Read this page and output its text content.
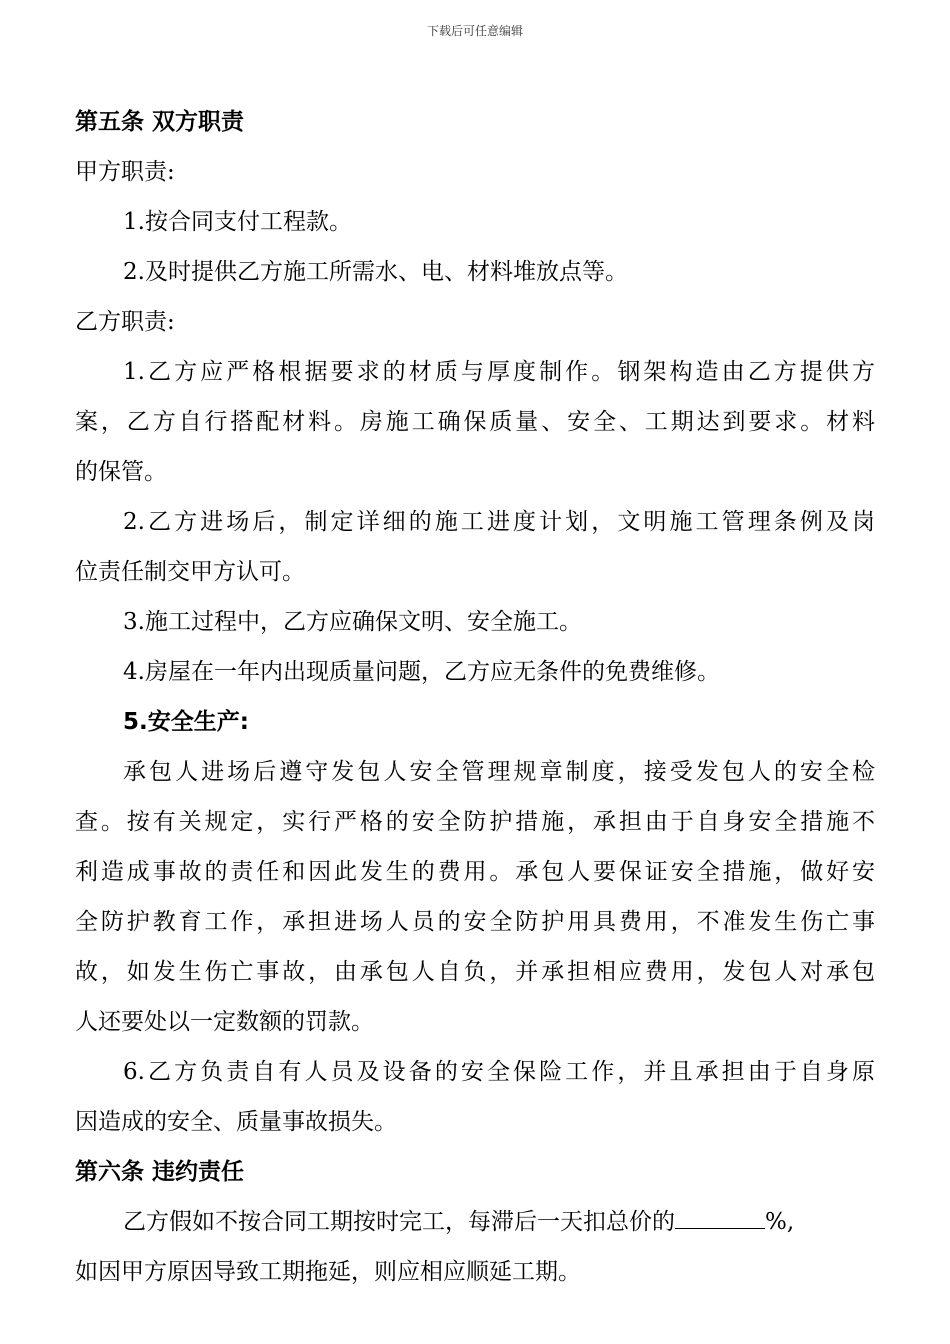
下载后可任意编辑
第五条 双方职责
甲方职责:
1.按合同支付工程款。
2.及时提供乙方施工所需水、电、材料堆放点等。
乙方职责:
1.乙方应严格根据要求的材质与厚度制作。钢架构造由乙方提供方
案，乙方自行搭配材料。房施工确保质量、安全、工期达到要求。材料
的保管。
2.乙方进场后，制定详细的施工进度计划，文明施工管理条例及岗
位责任制交甲方认可。
3.施工过程中，乙方应确保文明、安全施工。
4.房屋在一年内出现质量问题，乙方应无条件的免费维修。
5.安全生产:
承包人进场后遵守发包人安全管理规章制度，接受发包人的安全检
查。按有关规定，实行严格的安全防护措施，承担由于自身安全措施不
利造成事故的责任和因此发生的费用。承包人要保证安全措施，做好安
全防护教育工作，承担进场人员的安全防护用具费用，不准发生伤亡事
故，如发生伤亡事故，由承包人自负，并承担相应费用，发包人对承包
人还要处以一定数额的罚款。
6.乙方负责自有人员及设备的安全保险工作，并且承担由于自身原
因造成的安全、质量事故损失。
第六条 违约责任
乙方假如不按合同工期按时完工，每滞后一天扣总价的	%,
如因甲方原因导致工期拖延，则应相应顺延工期。
